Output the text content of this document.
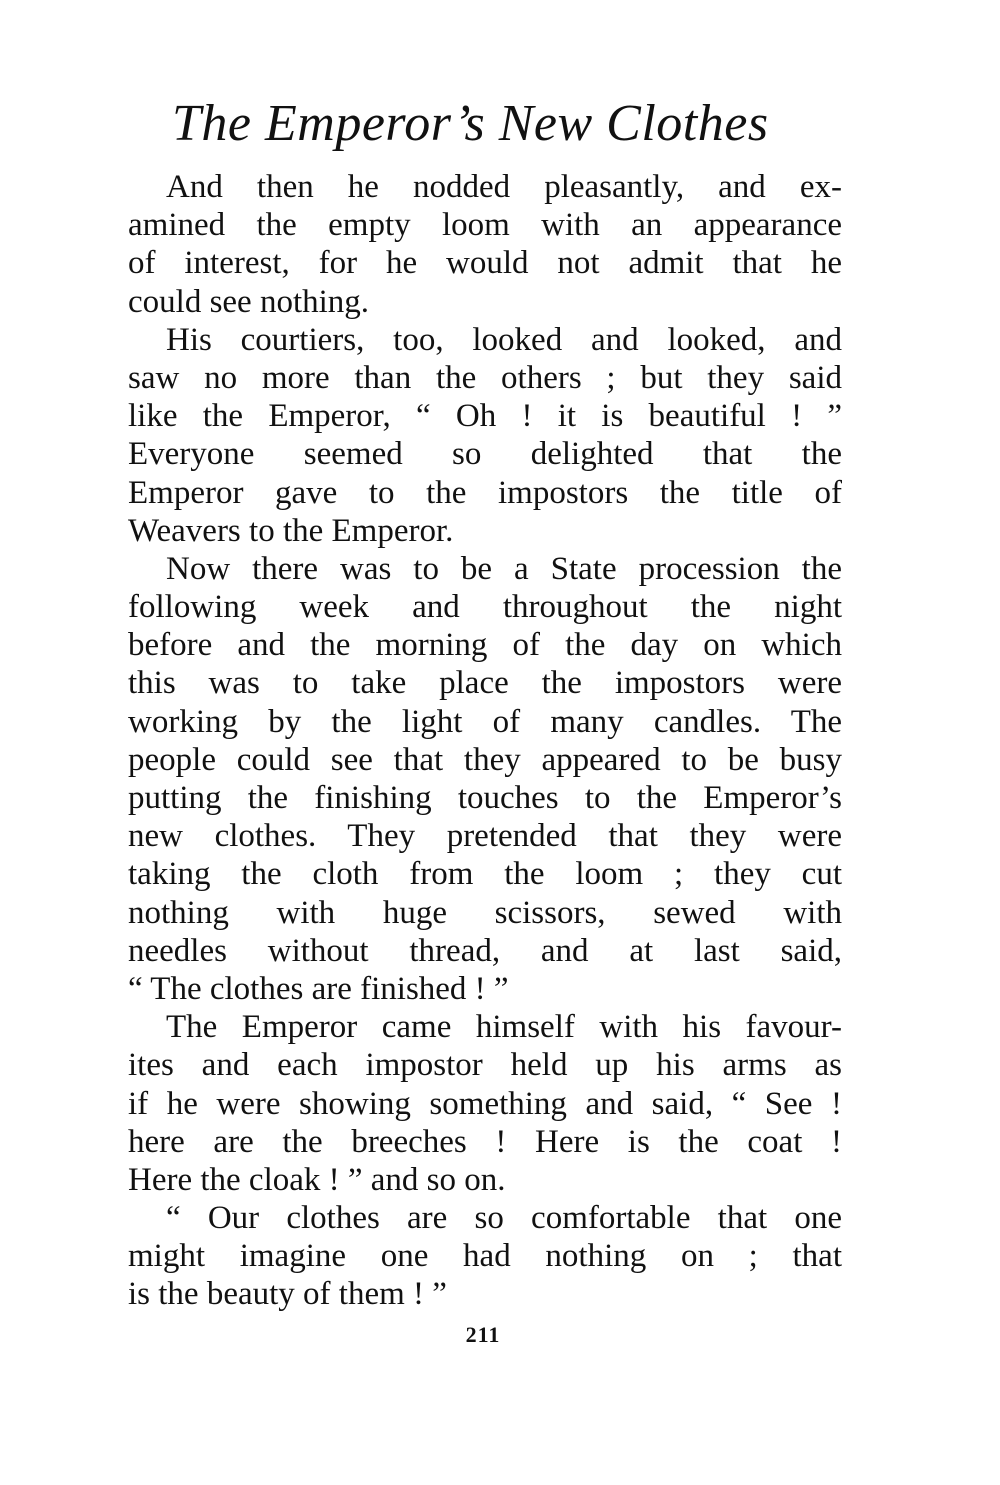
The Emperor’s New Clothes
And then he nodded pleasantly, and ex-
amined the empty loom with an appearance
of interest, for he would not admit that he
could see nothing.
His courtiers, too, looked and looked, and
saw no more than the others ; but they said
like the Emperor, “ Oh ! it is beautiful ! ”
Everyone seemed so delighted that the
Emperor gave to the impostors the title of
Weavers to the Emperor.
Now there was to be a State procession the
following week and throughout the night
before and the morning of the day on which
this was to take place the impostors were
working by the light of many candles. The
people could see that they appeared to be busy
putting the finishing touches to the Emperor’s
new clothes. They pretended that they were
taking the cloth from the loom ; they cut
nothing with huge scissors, sewed with
needles without thread, and at last said,
“ The clothes are finished ! ”
The Emperor came himself with his favour-
ites and each impostor held up his arms as
if he were showing something and said, “ See !
here are the breeches ! Here is the coat !
Here the cloak ! ” and so on.
“ Our clothes are so comfortable that one
might imagine one had nothing on ; that
is the beauty of them ! ”
211
